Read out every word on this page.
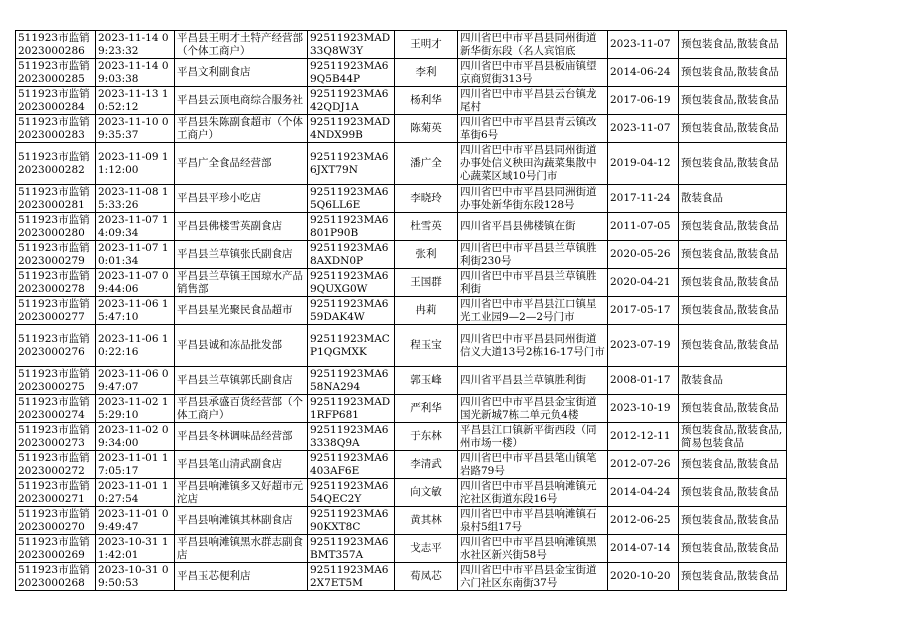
511923市监销2023000286	2023-11-14 09:23:32	平昌县王明才土特产经营部（个体工商户）	92511923MAD33Q8W3Y	王明才	四川省巴中市平昌县同州街道新华街东段（名人宾馆底	2023-11-07	预包装食品,散装食品
511923市监销2023000285	2023-11-14 09:03:38	平昌文利副食店	92511923MA69Q5B44P	李利	四川省巴中市平昌县板庙镇望京商贸街313号	2014-06-24	预包装食品,散装食品
511923市监销2023000284	2023-11-13 10:52:12	平昌县云顶电商综合服务社	92511923MA642QDJ1A	杨利华	四川省巴中市平昌县云台镇龙尾村	2017-06-19	预包装食品,散装食品
511923市监销2023000283	2023-11-10 09:35:37	平昌县朱陈副食超市（个体工商户）	92511923MAD4NDX99B	陈菊英	四川省巴中市平昌县青云镇改革街6号	2023-11-07	预包装食品,散装食品
511923市监销2023000282	2023-11-09 11:12:00	平昌广全食品经营部	92511923MA66JXT79N	潘广全	四川省巴中市平昌县同州街道办事处信义秧田沟蔬菜集散中心蔬菜区域10号门市	2019-04-12	预包装食品,散装食品
511923市监销2023000281	2023-11-08 15:33:26	平昌县平珍小吃店	92511923MA65Q6LL6E	李晓玲	四川省巴中市平昌县同洲街道办事处新华街东段128号	2017-11-24	散装食品
511923市监销2023000280	2023-11-07 14:09:34	平昌县佛楼雪英副食店	92511923MA6801P90B	杜雪英	四川省平昌县佛楼镇在街	2011-07-05	预包装食品,散装食品
511923市监销2023000279	2023-11-07 10:01:34	平昌县兰草镇张氏副食店	92511923MA68AXDN0P	张利	四川省巴中市平昌县兰草镇胜利街230号	2020-05-26	预包装食品,散装食品
511923市监销2023000278	2023-11-07 09:44:06	平昌县兰草镇王国琼水产品销售部	92511923MA69QUXG0W	王国群	四川省巴中市平昌县兰草镇胜利街	2020-04-21	预包装食品,散装食品
511923市监销2023000277	2023-11-06 15:47:10	平昌县星光聚民食品超市	92511923MA659DAK4W	冉莉	四川省巴中市平昌县江口镇星光工业园9—2—2号门市	2017-05-17	预包装食品,散装食品
511923市监销2023000276	2023-11-06 10:22:16	平昌县诚和冻品批发部	92511923MACP1QGMXK	程玉宝	四川省巴中市平昌县同州街道信义大道13号2栋16-17号门市	2023-07-19	预包装食品,散装食品
511923市监销2023000275	2023-11-06 09:47:07	平昌县兰草镇郭氏副食店	92511923MA658NA294	郭玉峰	四川省平昌县兰草镇胜利街	2008-01-17	散装食品
511923市监销2023000274	2023-11-02 15:29:10	平昌县承盛百货经营部（个体工商户）	92511923MAD1RFP681	严利华	四川省巴中市平昌县金宝街道国光新城7栋二单元负4楼	2023-10-19	预包装食品,散装食品
511923市监销2023000273	2023-11-02 09:34:00	平昌县冬林调味品经营部	92511923MA63338Q9A	于东林	平昌县江口镇新平街西段（同州市场一楼）	2012-12-11	预包装食品,散装食品,简易包装食品
511923市监销2023000272	2023-11-01 17:05:17	平昌县笔山清武副食店	92511923MA6403AF6E	李清武	四川省巴中市平昌县笔山镇笔岩路79号	2012-07-26	预包装食品,散装食品
511923市监销2023000271	2023-11-01 10:27:54	平昌县响滩镇多又好超市元沱店	92511923MA654QEC2Y	向文敏	四川省巴中市平昌县响滩镇元沱社区街道东段16号	2014-04-24	预包装食品,散装食品
511923市监销2023000270	2023-11-01 09:49:47	平昌县响滩镇其林副食店	92511923MA690KXT8C	黄其林	四川省巴中市平昌县响滩镇石泉村5组17号	2012-06-25	预包装食品,散装食品
511923市监销2023000269	2023-10-31 11:42:01	平昌县响滩镇黑水群志副食店	92511923MA6BMT357A	戈志平	四川省巴中市平昌县响滩镇黑水社区新兴街58号	2014-07-14	预包装食品,散装食品
511923市监销2023000268	2023-10-31 09:50:53	平昌玉芯便利店	92511923MA62X7ET5M	荀凤芯	四川省巴中市平昌县金宝街道六门社区东南街37号	2020-10-20	预包装食品,散装食品
